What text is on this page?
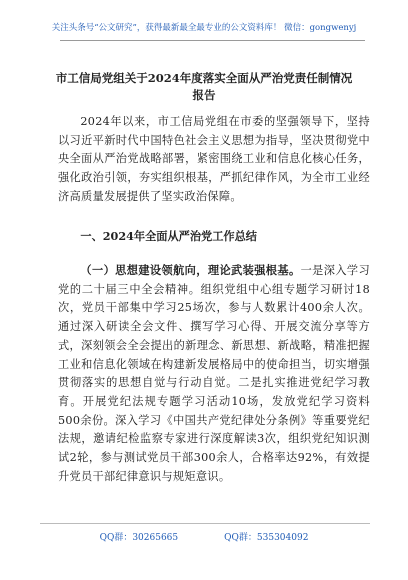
关注头条号“公文研究”，获得最新最全最专业的公文资料库！ 微信：gongwenyj
市工信局党组关于2024年度落实全面从严治党责任制情况
报告

2024年以来，市工信局党组在市委的坚强领导下，坚持以习近平新时代中国特色社会主义思想为指导，坚决贯彻党中央全面从严治党战略部署，紧密围绕工业和信息化核心任务，强化政治引领，夯实组织根基，严抓纪律作风，为全市工业经济高质量发展提供了坚实政治保障。

一、2024年全面从严治党工作总结

（一）思想建设领航向，理论武装强根基。一是深入学习党的二十届三中全会精神。组织党组中心组专题学习研讨18次，党员干部集中学习25场次，参与人数累计400余人次。通过深入研读全会文件、撰写学习心得、开展交流分享等方式，深刻领会全会提出的新理念、新思想、新战略，精准把握工业和信息化领域在构建新发展格局中的使命担当，切实增强贯彻落实的思想自觉与行动自觉。二是扎实推进党纪学习教育。开展党纪法规专题学习活动10场，发放党纪学习资料500余份。深入学习《中国共产党纪律处分条例》等重要党纪法规，邀请纪检监察专家进行深度解读3次，组织党纪知识测试2轮，参与测试党员干部300余人，合格率达92%，有效提升党员干部纪律意识与规矩意识。

QQ群：30265665	QQ群：535304092
